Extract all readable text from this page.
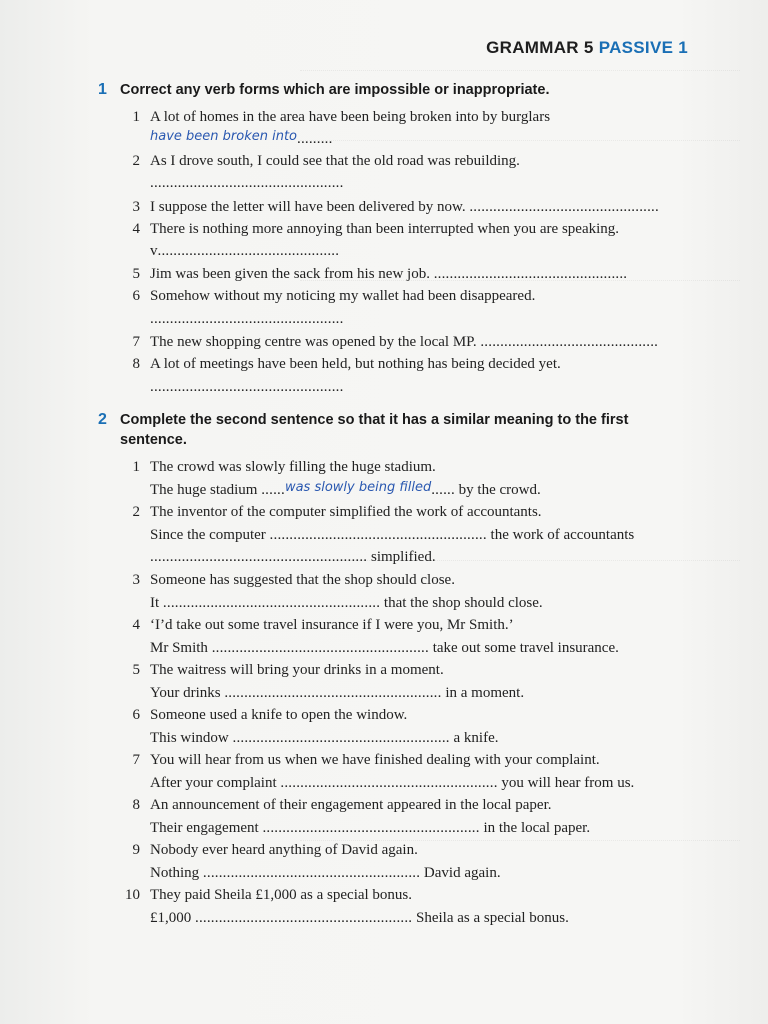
GRAMMAR 5 PASSIVE 1
1 Correct any verb forms which are impossible or inappropriate.
1 A lot of homes in the area have been being broken into by burglars
have been broken into.........
2 As I drove south, I could see that the old road was rebuilding.
.................................................
3 I suppose the letter will have been delivered by now. ................................................
4 There is nothing more annoying than been interrupted when you are speaking.
v..............................................
5 Jim was been given the sack from his new job. .................................................
6 Somehow without my noticing my wallet had been disappeared.
.................................................
7 The new shopping centre was opened by the local MP. .............................................
8 A lot of meetings have been held, but nothing has being decided yet.
.................................................
2 Complete the second sentence so that it has a similar meaning to the first
sentence.
1 The crowd was slowly filling the huge stadium.
The huge stadium ......was slowly being filled...... by the crowd.
2 The inventor of the computer simplified the work of accountants.
Since the computer ....................................................... the work of accountants
....................................................... simplified.
3 Someone has suggested that the shop should close.
It ....................................................... that the shop should close.
4 ‘I’d take out some travel insurance if I were you, Mr Smith.’
Mr Smith ....................................................... take out some travel insurance.
5 The waitress will bring your drinks in a moment.
Your drinks ....................................................... in a moment.
6 Someone used a knife to open the window.
This window ....................................................... a knife.
7 You will hear from us when we have finished dealing with your complaint.
After your complaint ....................................................... you will hear from us.
8 An announcement of their engagement appeared in the local paper.
Their engagement ....................................................... in the local paper.
9 Nobody ever heard anything of David again.
Nothing ....................................................... David again.
10 They paid Sheila £1,000 as a special bonus.
£1,000 ....................................................... Sheila as a special bonus.
